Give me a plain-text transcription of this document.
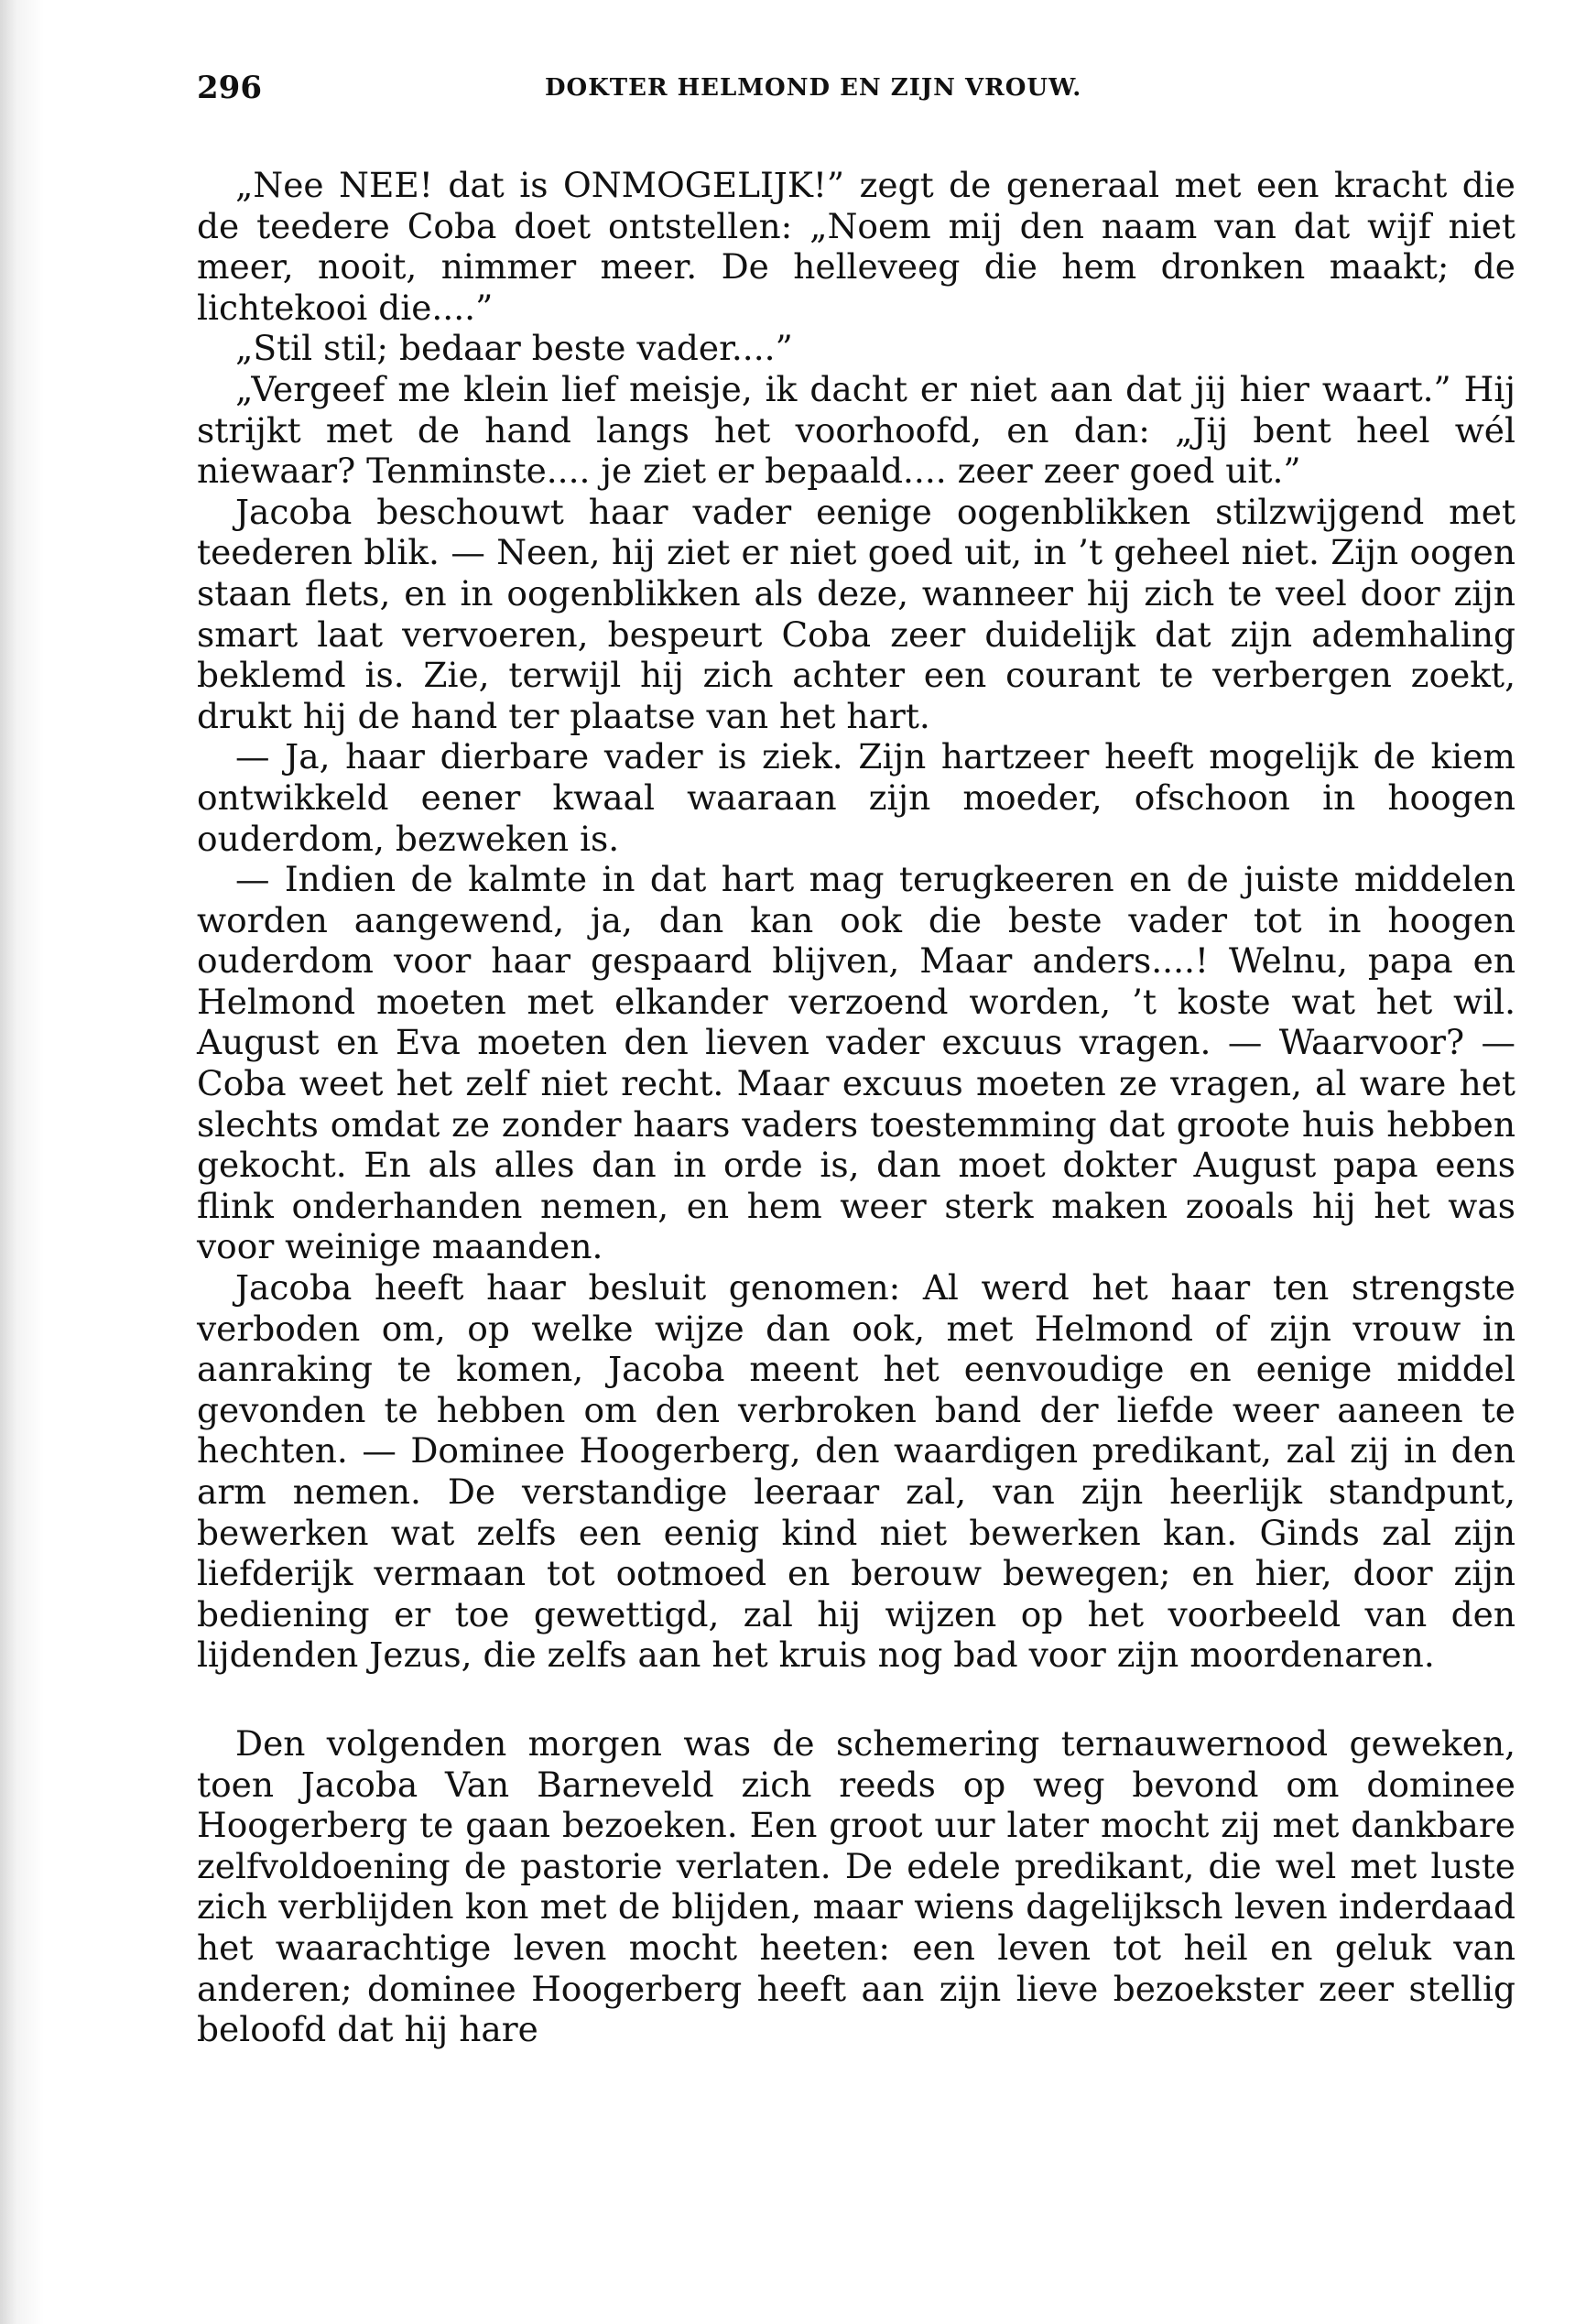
296	DOKTER HELMOND EN ZIJN VROUW.

„Nee NEE! dat is ONMOGELIJK!” zegt de generaal met een kracht die de teedere Coba doet ontstellen: „Noem mij den naam van dat wijf niet meer, nooit, nimmer meer. De helleveeg die hem dronken maakt; de lichtekooi die....”

„Stil stil; bedaar beste vader....”

„Vergeef me klein lief meisje, ik dacht er niet aan dat jij hier waart.” Hij strijkt met de hand langs het voorhoofd, en dan: „Jij bent heel wél niewaar? Tenminste.... je ziet er bepaald.... zeer zeer goed uit.”

Jacoba beschouwt haar vader eenige oogenblikken stilzwijgend met teederen blik. — Neen, hij ziet er niet goed uit, in ’t geheel niet. Zijn oogen staan flets, en in oogenblikken als deze, wanneer hij zich te veel door zijn smart laat vervoeren, bespeurt Coba zeer duidelijk dat zijn ademhaling beklemd is. Zie, terwijl hij zich achter een courant te verbergen zoekt, drukt hij de hand ter plaatse van het hart.

— Ja, haar dierbare vader is ziek. Zijn hartzeer heeft mogelijk de kiem ontwikkeld eener kwaal waaraan zijn moeder, ofschoon in hoogen ouderdom, bezweken is.

— Indien de kalmte in dat hart mag terugkeeren en de juiste middelen worden aangewend, ja, dan kan ook die beste vader tot in hoogen ouderdom voor haar gespaard blijven, Maar anders....! Welnu, papa en Helmond moeten met elkander verzoend worden, ’t koste wat het wil. August en Eva moeten den lieven vader excuus vragen. — Waarvoor? — Coba weet het zelf niet recht. Maar excuus moeten ze vragen, al ware het slechts omdat ze zonder haars vaders toestemming dat groote huis hebben gekocht. En als alles dan in orde is, dan moet dokter August papa eens flink onderhanden nemen, en hem weer sterk maken zooals hij het was voor weinige maanden.

Jacoba heeft haar besluit genomen: Al werd het haar ten strengste verboden om, op welke wijze dan ook, met Helmond of zijn vrouw in aanraking te komen, Jacoba meent het eenvoudige en eenige middel gevonden te hebben om den verbroken band der liefde weer aaneen te hechten. — Dominee Hoogerberg, den waardigen predikant, zal zij in den arm nemen. De verstandige leeraar zal, van zijn heerlijk standpunt, bewerken wat zelfs een eenig kind niet bewerken kan. Ginds zal zijn liefderijk vermaan tot ootmoed en berouw bewegen; en hier, door zijn bediening er toe gewettigd, zal hij wijzen op het voorbeeld van den lijdenden Jezus, die zelfs aan het kruis nog bad voor zijn moordenaren.

Den volgenden morgen was de schemering ternauwernood geweken, toen Jacoba Van Barneveld zich reeds op weg bevond om dominee Hoogerberg te gaan bezoeken. Een groot uur later mocht zij met dankbare zelfvoldoening de pastorie verlaten. De edele predikant, die wel met luste zich verblijden kon met de blijden, maar wiens dagelijksch leven inderdaad het waarachtige leven mocht heeten: een leven tot heil en geluk van anderen; dominee Hoogerberg heeft aan zijn lieve bezoekster zeer stellig beloofd dat hij hare
